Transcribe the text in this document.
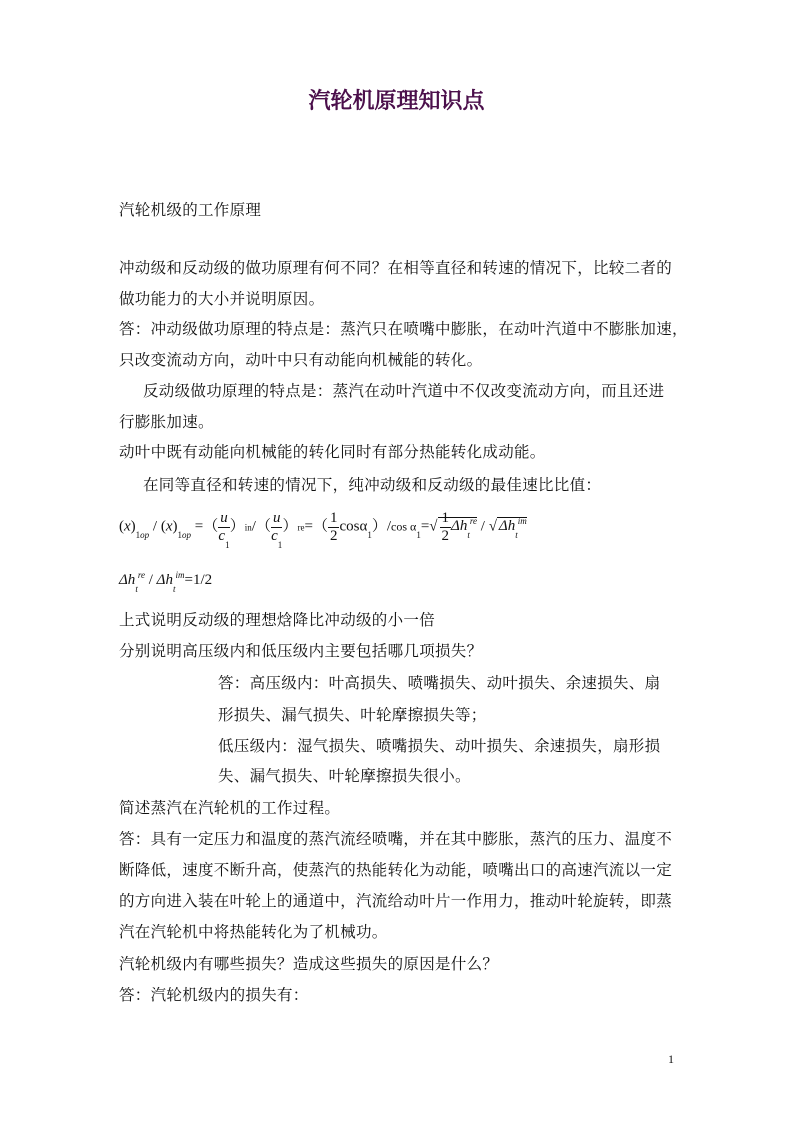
汽轮机原理知识点
汽轮机级的工作原理
冲动级和反动级的做功原理有何不同？在相等直径和转速的情况下，比较二者的
做功能力的大小并说明原因。
答：冲动级做功原理的特点是：蒸汽只在喷嘴中膨胀，在动叶汽道中不膨胀加速，
只改变流动方向，动叶中只有动能向机械能的转化。
反动级做功原理的特点是：蒸汽在动叶汽道中不仅改变流动方向，而且还进
行膨胀加速。
动叶中既有动能向机械能的转化同时有部分热能转化成动能。
在同等直径和转速的情况下，纯冲动级和反动级的最佳速比比值：
$(x)_{1op} / (x)_{1op}$ =（ $\frac{u}{c_1} )in/( \frac{u}{c_1} )re=( \frac{1}{2} \cos\alpha_1)/\cos$ $\alpha_1=√ \frac{1}{2} \Delta h_t^{re}$ / √ $\Delta h_t^{im}$
$\Delta h_t^{re} / \Delta h_t^{im}=1/2$
上式说明反动级的理想焓降比冲动级的小一倍
分别说明高压级内和低压级内主要包括哪几项损失？
答：高压级内：叶高损失、喷嘴损失、动叶损失、余速损失、扇
形损失、漏气损失、叶轮摩擦损失等；
低压级内：湿气损失、喷嘴损失、动叶损失、余速损失，扇形损
失、漏气损失、叶轮摩擦损失很小。
简述蒸汽在汽轮机的工作过程。
答：具有一定压力和温度的蒸汽流经喷嘴，并在其中膨胀，蒸汽的压力、温度不
断降低，速度不断升高，使蒸汽的热能转化为动能，喷嘴出口的高速汽流以一定
的方向进入装在叶轮上的通道中，汽流给动叶片一作用力，推动叶轮旋转，即蒸
汽在汽轮机中将热能转化为了机械功。
汽轮机级内有哪些损失？造成这些损失的原因是什么？
答：汽轮机级内的损失有：
1
